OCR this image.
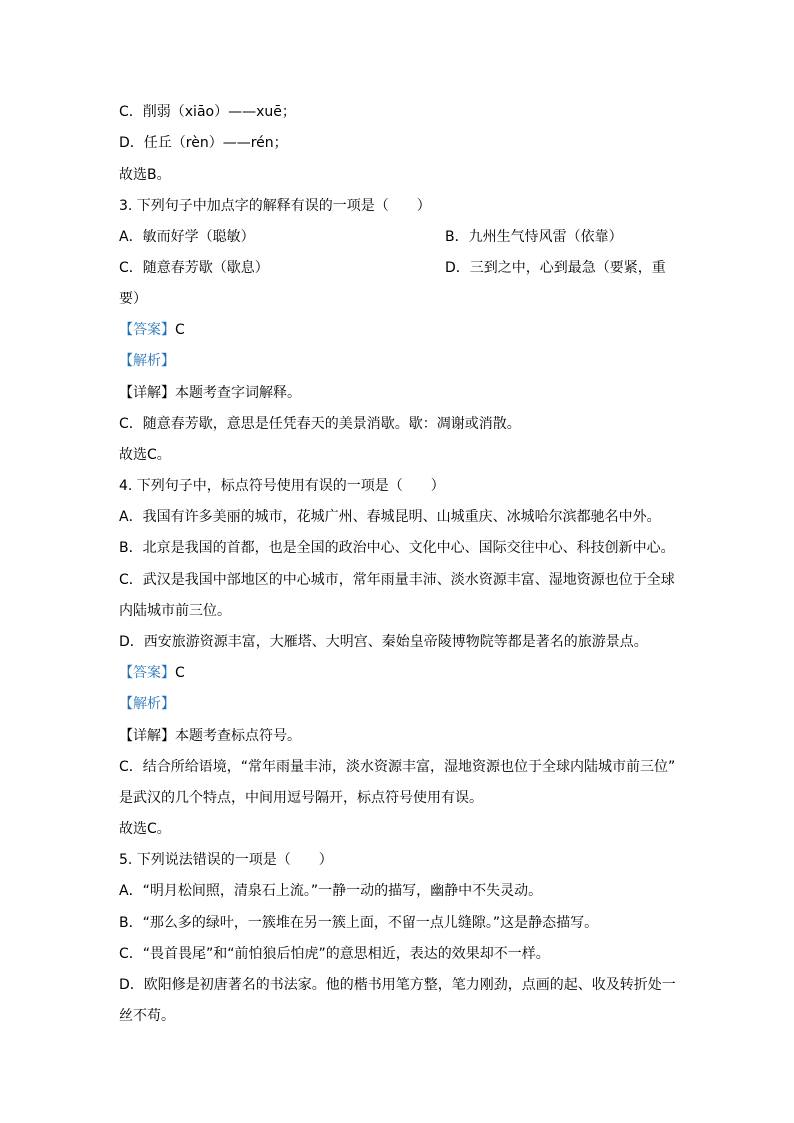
C．削弱（xiāo）——xuē；
D．任丘（rèn）——rén；
故选B。
3. 下列句子中加点字的解释有误的一项是（　　）
A．敏而好学（聪敏）	B．九州生气恃风雷（依靠）
C．随意春芳歇（歇息）	D．三到之中，心到最急（要紧，重
要）
【答案】C
【解析】
【详解】本题考查字词解释。
C．随意春芳歇，意思是任凭春天的美景消歇。歇：凋谢或消散。
故选C。
4. 下列句子中，标点符号使用有误的一项是（　　）
A．我国有许多美丽的城市，花城广州、春城昆明、山城重庆、冰城哈尔滨都驰名中外。
B．北京是我国的首都，也是全国的政治中心、文化中心、国际交往中心、科技创新中心。
C．武汉是我国中部地区的中心城市，常年雨量丰沛、淡水资源丰富、湿地资源也位于全球
内陆城市前三位。
D．西安旅游资源丰富，大雁塔、大明宫、秦始皇帝陵博物院等都是著名的旅游景点。
【答案】C
【解析】
【详解】本题考查标点符号。
C．结合所给语境，“常年雨量丰沛，淡水资源丰富，湿地资源也位于全球内陆城市前三位”
是武汉的几个特点，中间用逗号隔开，标点符号使用有误。
故选C。
5. 下列说法错误的一项是（　　）
A．“明月松间照，清泉石上流。”一静一动的描写，幽静中不失灵动。
B．“那么多的绿叶，一簇堆在另一簇上面，不留一点儿缝隙。”这是静态描写。
C．“畏首畏尾”和“前怕狼后怕虎”的意思相近，表达的效果却不一样。
D．欧阳修是初唐著名的书法家。他的楷书用笔方整，笔力刚劲，点画的起、收及转折处一
丝不苟。
